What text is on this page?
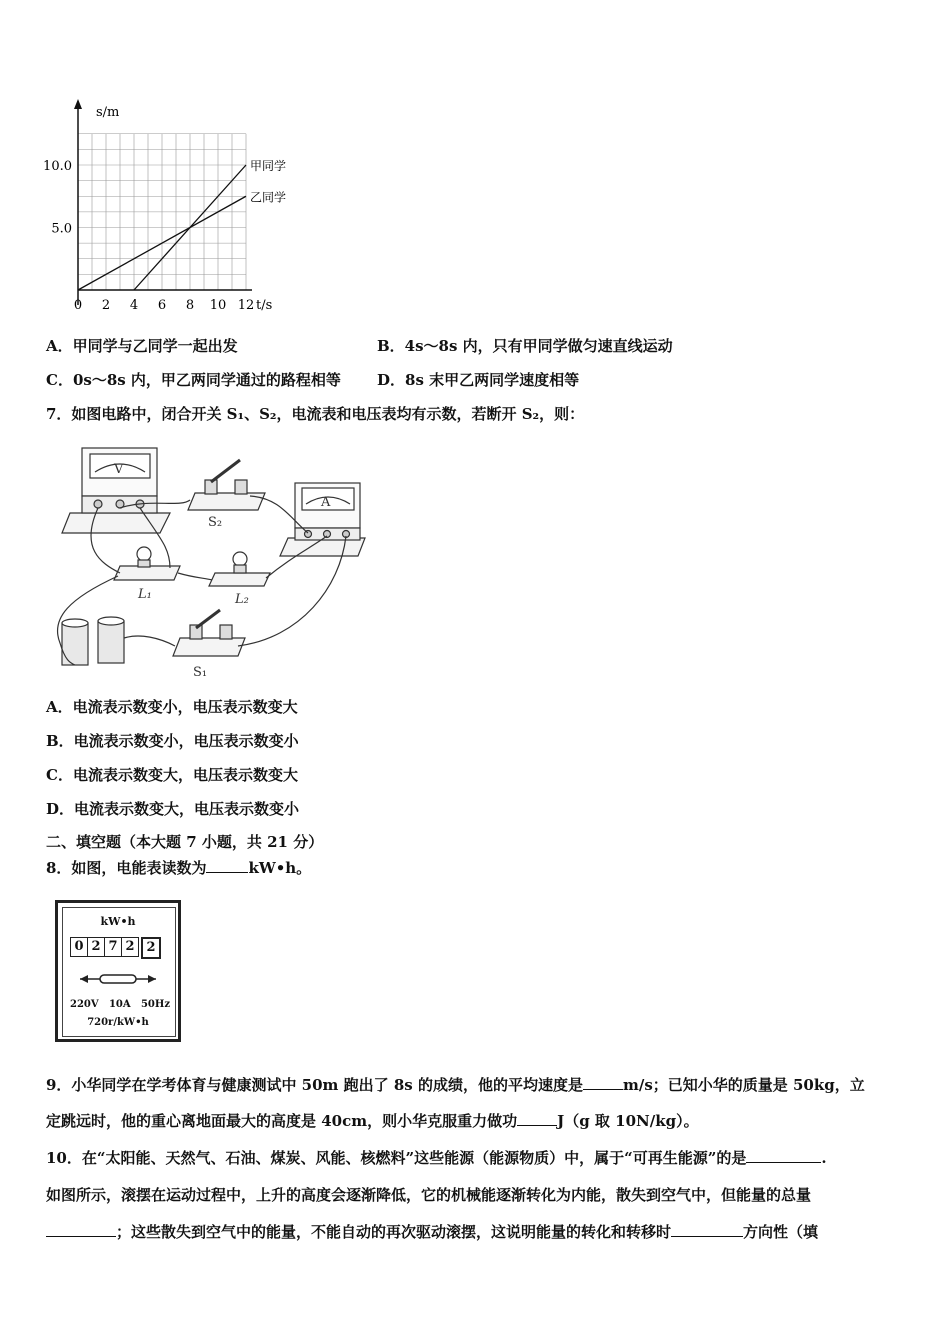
s/m
t/s
10.0
5.0
0 2 4 6 8 10 12
甲同学
乙同学
A．甲同学与乙同学一起出发	B．4s～8s 内，只有甲同学做匀速直线运动
C．0s～8s 内，甲乙两同学通过的路程相等 D．8s 末甲乙两同学速度相等
7．如图电路中，闭合开关 S₁、S₂，电流表和电压表均有示数，若断开 S₂，则：
V
A
S₂
L₁	L₂
S₁
A．电流表示数变小，电压表示数变大
B．电流表示数变小，电压表示数变小
C．电流表示数变大，电压表示数变大
D．电流表示数变大，电压表示数变小
二、填空题（本大题 7 小题，共 21 分）
8．如图，电能表读数为	kW•h。
kW•h
0 2 7 2 2
220V 10A 50Hz
720r/kW•h
9．小华同学在学考体育与健康测试中 50m 跑出了 8s 的成绩，他的平均速度是	m/s；已知小华的质量是 50kg，立
定跳远时，他的重心离地面最大的高度是 40cm，则小华克服重力做功	J（g 取 10N/kg）。
10．在“太阳能、天然气、石油、煤炭、风能、核燃料”这些能源（能源物质）中，属于“可再生能源”的是	.
如图所示，滚摆在运动过程中，上升的高度会逐渐降低，它的机械能逐渐转化为内能，散失到空气中，但能量的总量
；这些散失到空气中的能量，不能自动的再次驱动滚摆，这说明能量的转化和转移时	方向性（填
